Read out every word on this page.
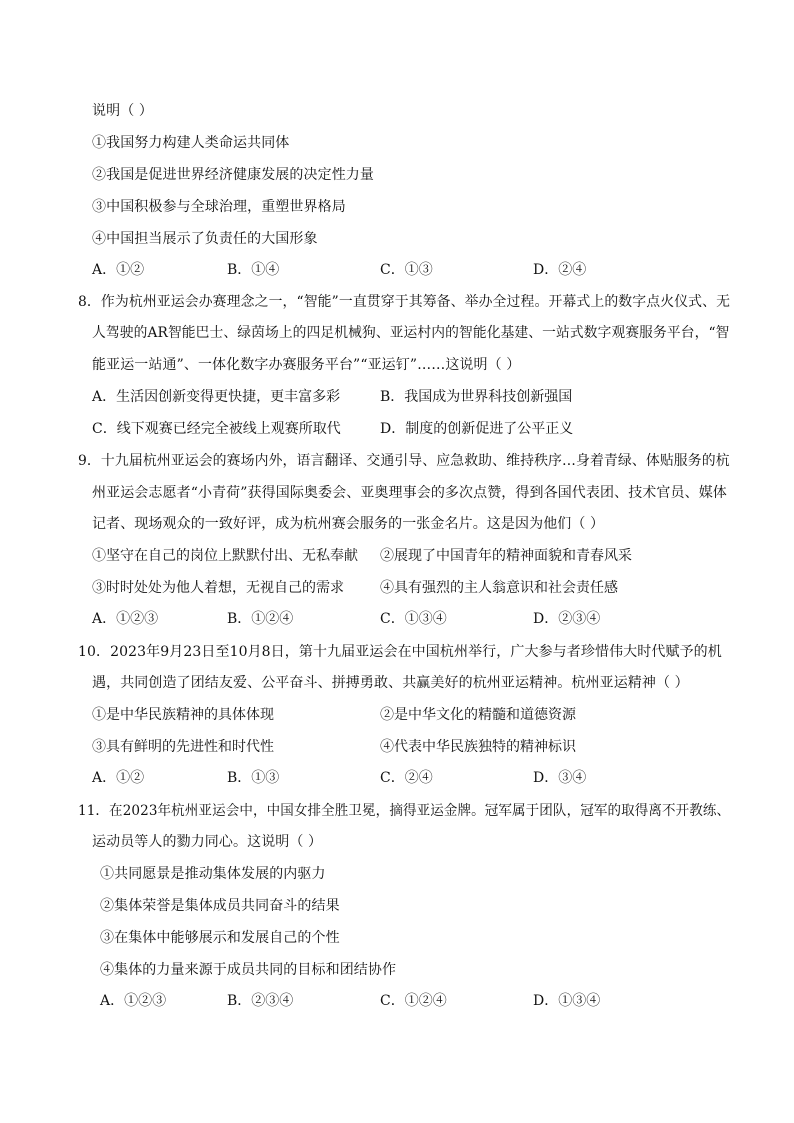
说明（ ）
①我国努力构建人类命运共同体
②我国是促进世界经济健康发展的决定性力量
③中国积极参与全球治理，重塑世界格局
④中国担当展示了负责任的大国形象
A．①②	B．①④	C．①③	D．②④
8．作为杭州亚运会办赛理念之一，“智能”一直贯穿于其筹备、举办全过程。开幕式上的数字点火仪式、无
人驾驶的AR智能巴士、绿茵场上的四足机械狗、亚运村内的智能化基建、一站式数字观赛服务平台，“智
能亚运一站通”、一体化数字办赛服务平台”“亚运钉”……这说明（ ）
A．生活因创新变得更快捷，更丰富多彩	B．我国成为世界科技创新强国
C．线下观赛已经完全被线上观赛所取代	D．制度的创新促进了公平正义
9．十九届杭州亚运会的赛场内外，语言翻译、交通引导、应急救助、维持秩序…身着青绿、体贴服务的杭
州亚运会志愿者“小青荷”获得国际奥委会、亚奥理事会的多次点赞，得到各国代表团、技术官员、媒体
记者、现场观众的一致好评，成为杭州赛会服务的一张金名片。这是因为他们（ ）
①坚守在自己的岗位上默默付出、无私奉献 ②展现了中国青年的精神面貌和青春风采
③时时处处为他人着想，无视自己的需求	④具有强烈的主人翁意识和社会责任感
A．①②③	B．①②④	C．①③④	D．②③④
10．2023年9月23日至10月8日，第十九届亚运会在中国杭州举行，广大参与者珍惜伟大时代赋予的机
遇，共同创造了团结友爱、公平奋斗、拼搏勇敢、共赢美好的杭州亚运精神。杭州亚运精神（ ）
①是中华民族精神的具体体现	②是中华文化的精髓和道德资源
③具有鲜明的先进性和时代性	④代表中华民族独特的精神标识
A．①②	B．①③	C．②④	D．③④
11．在2023年杭州亚运会中，中国女排全胜卫冕，摘得亚运金牌。冠军属于团队，冠军的取得离不开教练、
运动员等人的勠力同心。这说明（ ）
①共同愿景是推动集体发展的内驱力
②集体荣誉是集体成员共同奋斗的结果
③在集体中能够展示和发展自己的个性
④集体的力量来源于成员共同的目标和团结协作
A．①②③	B．②③④	C．①②④	D．①③④
